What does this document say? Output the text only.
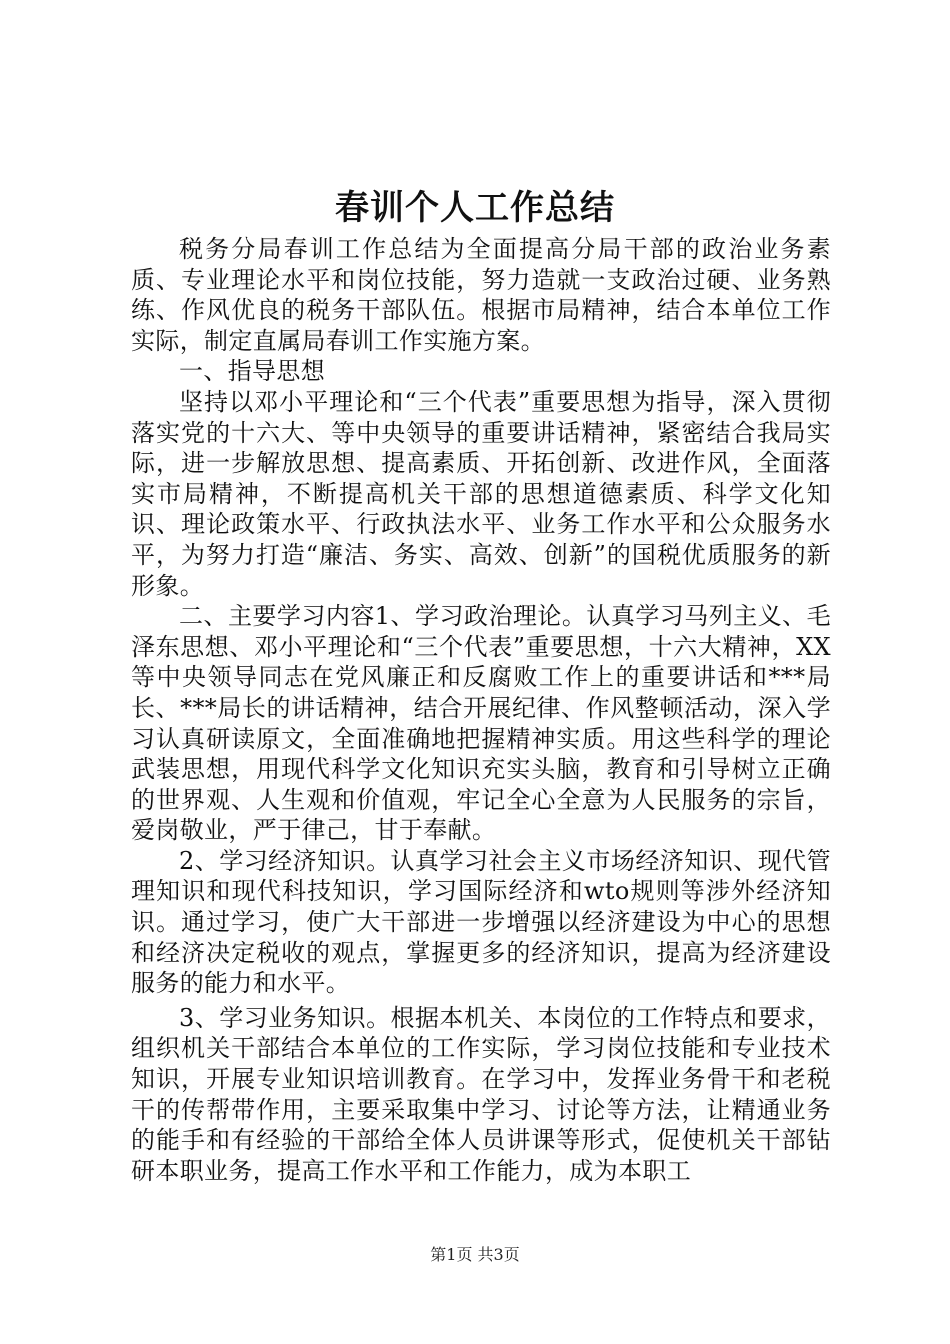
春训个人工作总结

税务分局春训工作总结为全面提高分局干部的政治业务素质、专业理论水平和岗位技能，努力造就一支政治过硬、业务熟练、作风优良的税务干部队伍。根据市局精神，结合本单位工作实际，制定直属局春训工作实施方案。

一、指导思想

坚持以邓小平理论和“三个代表”重要思想为指导，深入贯彻落实党的十六大、等中央领导的重要讲话精神，紧密结合我局实际，进一步解放思想、提高素质、开拓创新、改进作风，全面落实市局精神，不断提高机关干部的思想道德素质、科学文化知识、理论政策水平、行政执法水平、业务工作水平和公众服务水平，为努力打造“廉洁、务实、高效、创新”的国税优质服务的新形象。

二、主要学习内容1、学习政治理论。认真学习马列主义、毛泽东思想、邓小平理论和“三个代表”重要思想，十六大精神，XX等中央领导同志在党风廉正和反腐败工作上的重要讲话和***局长、***局长的讲话精神，结合开展纪律、作风整顿活动，深入学习认真研读原文，全面准确地把握精神实质。用这些科学的理论武装思想，用现代科学文化知识充实头脑，教育和引导树立正确的世界观、人生观和价值观，牢记全心全意为人民服务的宗旨，爱岗敬业，严于律己，甘于奉献。

2、学习经济知识。认真学习社会主义市场经济知识、现代管理知识和现代科技知识，学习国际经济和wto规则等涉外经济知识。通过学习，使广大干部进一步增强以经济建设为中心的思想和经济决定税收的观点，掌握更多的经济知识，提高为经济建设服务的能力和水平。

3、学习业务知识。根据本机关、本岗位的工作特点和要求，组织机关干部结合本单位的工作实际，学习岗位技能和专业技术知识，开展专业知识培训教育。在学习中，发挥业务骨干和老税干的传帮带作用，主要采取集中学习、讨论等方法，让精通业务的能手和有经验的干部给全体人员讲课等形式，促使机关干部钻研本职业务，提高工作水平和工作能力，成为本职工

第1页 共3页
